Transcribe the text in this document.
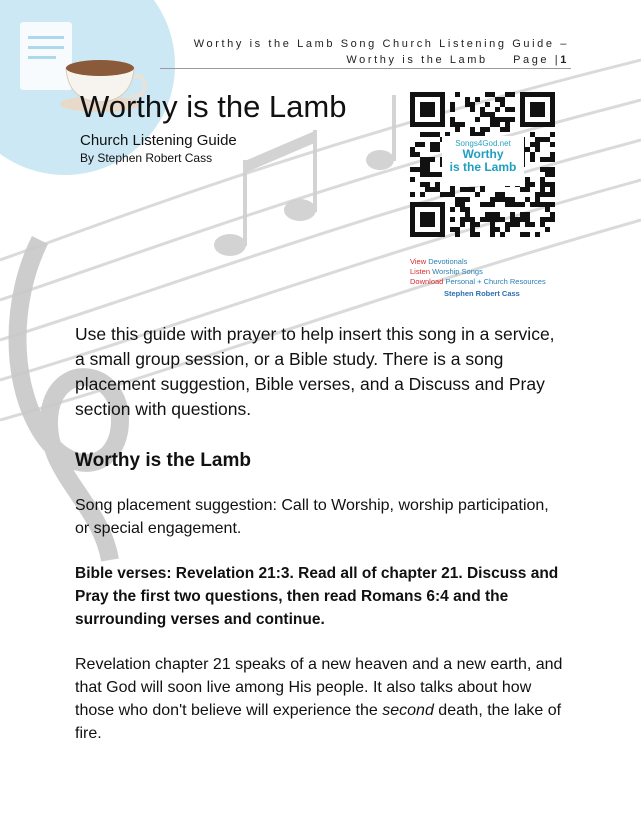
Worthy is the Lamb Song Church Listening Guide –
Worthy is the Lamb Page |1
Worthy is the Lamb
Church Listening Guide
By Stephen Robert Cass
Songs4God.net
Worthy
is the Lamb
View Devotionals
Listen Worship Songs
Download Personal + Church Resources
Stephen Robert Cass

Use this guide with prayer to help insert this song in a service, a small group session, or a Bible study. There is a song placement suggestion, Bible verses, and a Discuss and Pray section with questions.

Worthy is the Lamb

Song placement suggestion: Call to Worship, worship participation, or special engagement.

Bible verses: Revelation 21:3. Read all of chapter 21. Discuss and Pray the first two questions, then read Romans 6:4 and the surrounding verses and continue.

Revelation chapter 21 speaks of a new heaven and a new earth, and that God will soon live among His people. It also talks about how those who don't believe will experience the second death, the lake of fire.
